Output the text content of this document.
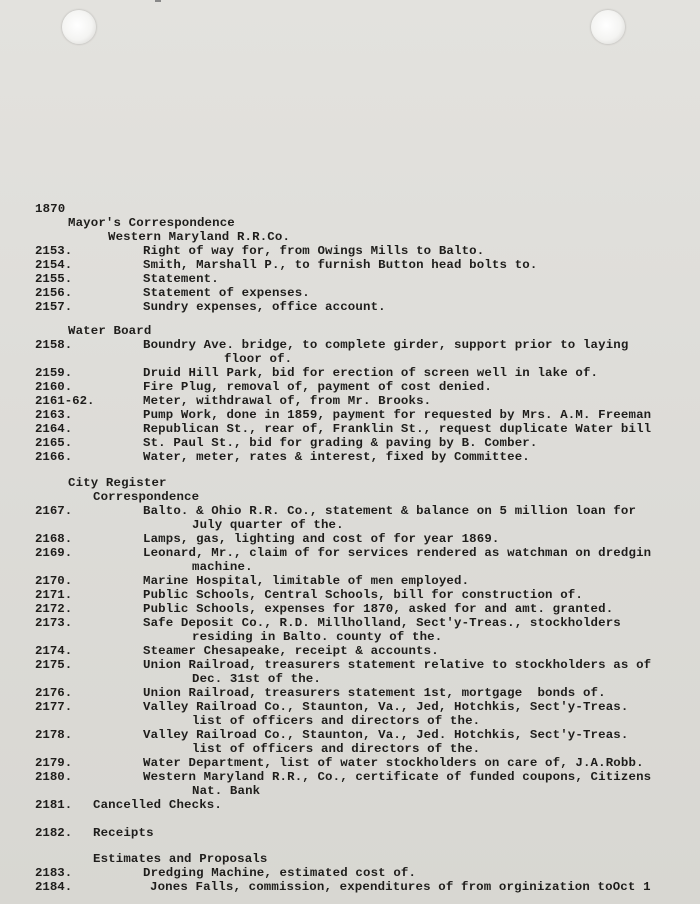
1870
Mayor's Correspondence
Western Maryland R.R.Co.
2153.	Right of way for, from Owings Mills to Balto.
2154.	Smith, Marshall P., to furnish Button head bolts to.
2155.	Statement.
2156.	Statement of expenses.
2157.	Sundry expenses, office account.
Water Board
2158.	Boundry Ave. bridge, to complete girder, support prior to laying
floor of.
2159.	Druid Hill Park, bid for erection of screen well in lake of.
2160.	Fire Plug, removal of, payment of cost denied.
2161-62.	Meter, withdrawal of, from Mr. Brooks.
2163.	Pump Work, done in 1859, payment for requested by Mrs. A.M. Freeman
2164.	Republican St., rear of, Franklin St., request duplicate Water bill
2165.	St. Paul St., bid for grading & paving by B. Comber.
2166.	Water, meter, rates & interest, fixed by Committee.
City Register
Correspondence
2167.	Balto. & Ohio R.R. Co., statement & balance on 5 million loan for
July quarter of the.
2168.	Lamps, gas, lighting and cost of for year 1869.
2169.	Leonard, Mr., claim of for services rendered as watchman on dredgin
machine.
2170.	Marine Hospital, limitable of men employed.
2171.	Public Schools, Central Schools, bill for construction of.
2172.	Public Schools, expenses for 1870, asked for and amt. granted.
2173.	Safe Deposit Co., R.D. Millholland, Sect'y-Treas., stockholders
residing in Balto. county of the.
2174.	Steamer Chesapeake, receipt & accounts.
2175.	Union Railroad, treasurers statement relative to stockholders as of
Dec. 31st of the.
2176.	Union Railroad, treasurers statement 1st, mortgage  bonds of.
2177.	Valley Railroad Co., Staunton, Va., Jed, Hotchkis, Sect'y-Treas.
list of officers and directors of the.
2178.	Valley Railroad Co., Staunton, Va., Jed. Hotchkis, Sect'y-Treas.
list of officers and directors of the.
2179.	Water Department, list of water stockholders on care of, J.A.Robb.
2180.	Western Maryland R.R., Co., certificate of funded coupons, Citizens
Nat. Bank
2181. Cancelled Checks.
2182. Receipts
Estimates and Proposals
2183.	Dredging Machine, estimated cost of.
2184.	Jones Falls, commission, expenditures of from orginization toOct 1
